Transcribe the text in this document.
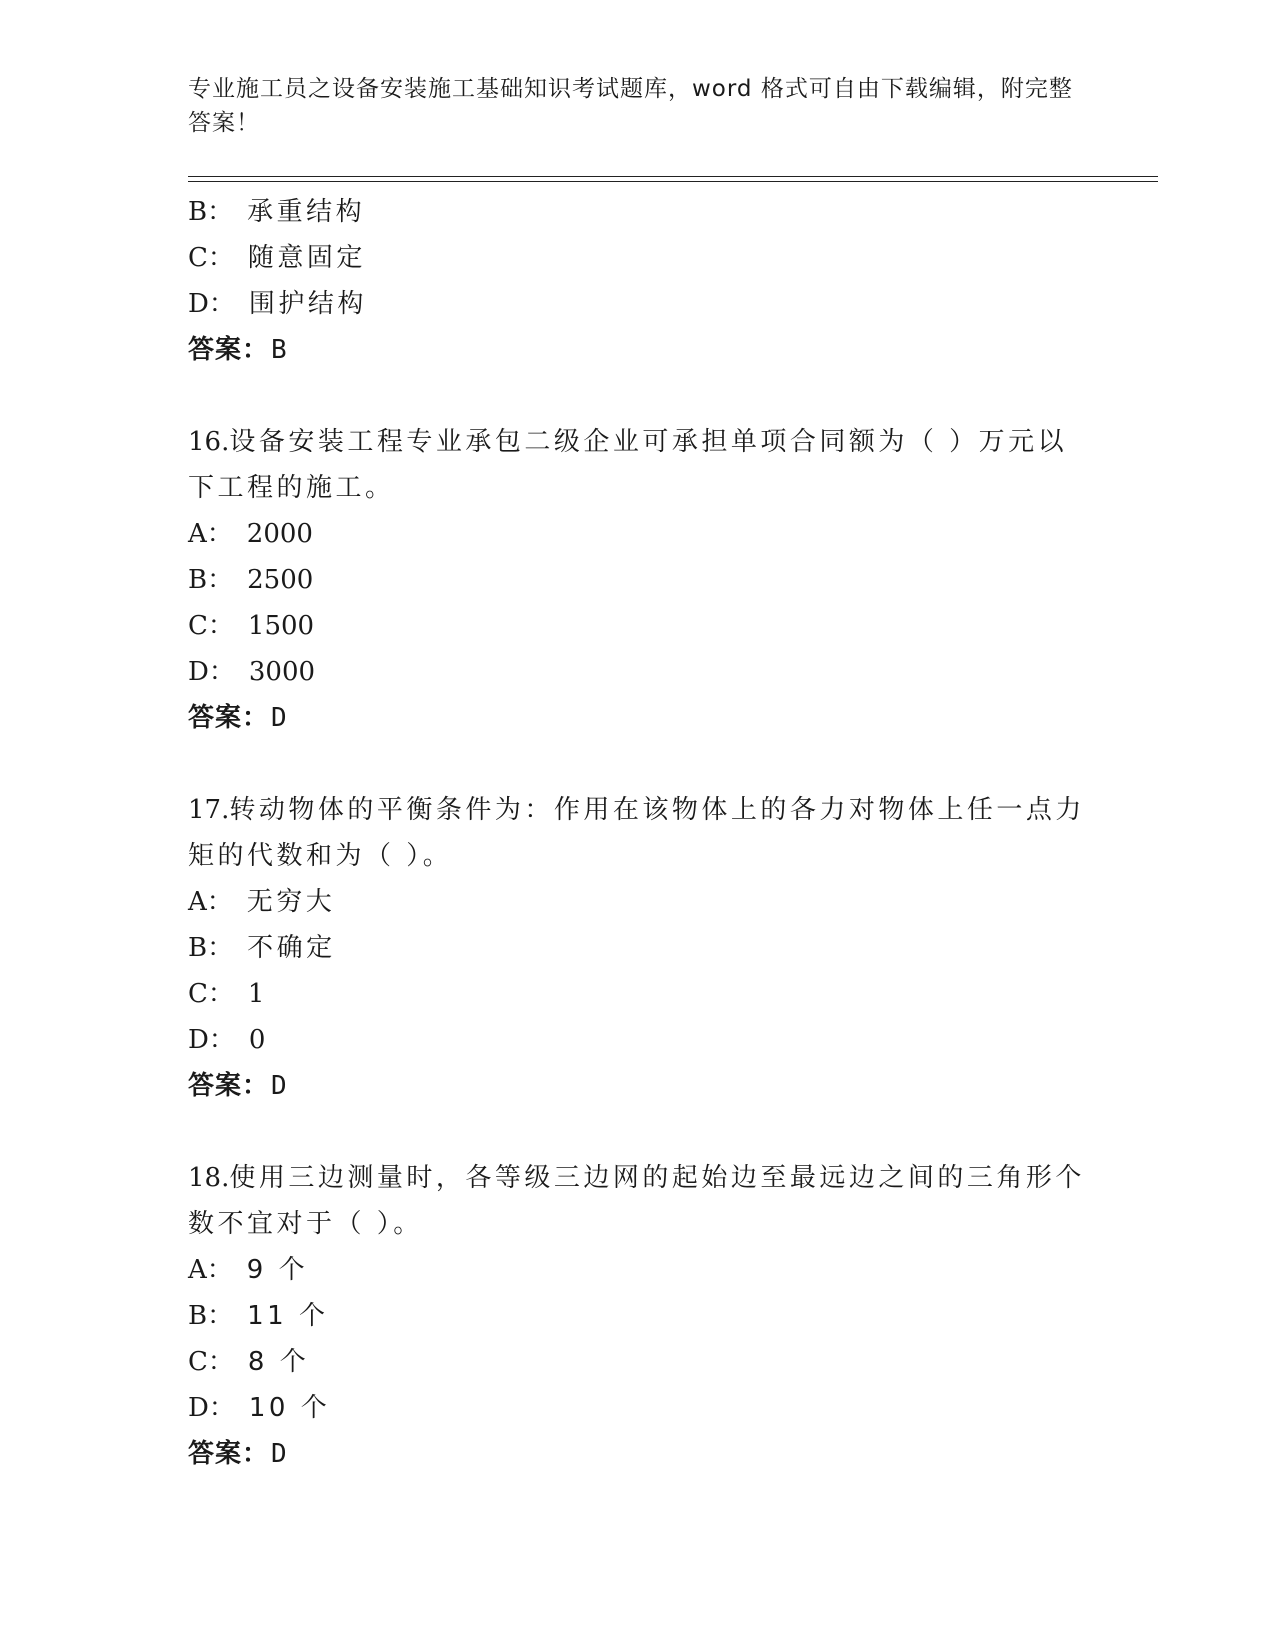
专业施工员之设备安装施工基础知识考试题库，word 格式可自由下载编辑，附完整答案！
B： 承重结构
C： 随意固定
D： 围护结构
答案：B
16.设备安装工程专业承包二级企业可承担单项合同额为（ ）万元以
下工程的施工。
A： 2000
B： 2500
C： 1500
D： 3000
答案：D
17.转动物体的平衡条件为：作用在该物体上的各力对物体上任一点力
矩的代数和为（ ）。
A： 无穷大
B： 不确定
C： 1
D： 0
答案：D
18.使用三边测量时，各等级三边网的起始边至最远边之间的三角形个
数不宜对于（ ）。
A： 9 个
B： 11 个
C： 8 个
D： 10 个
答案：D
